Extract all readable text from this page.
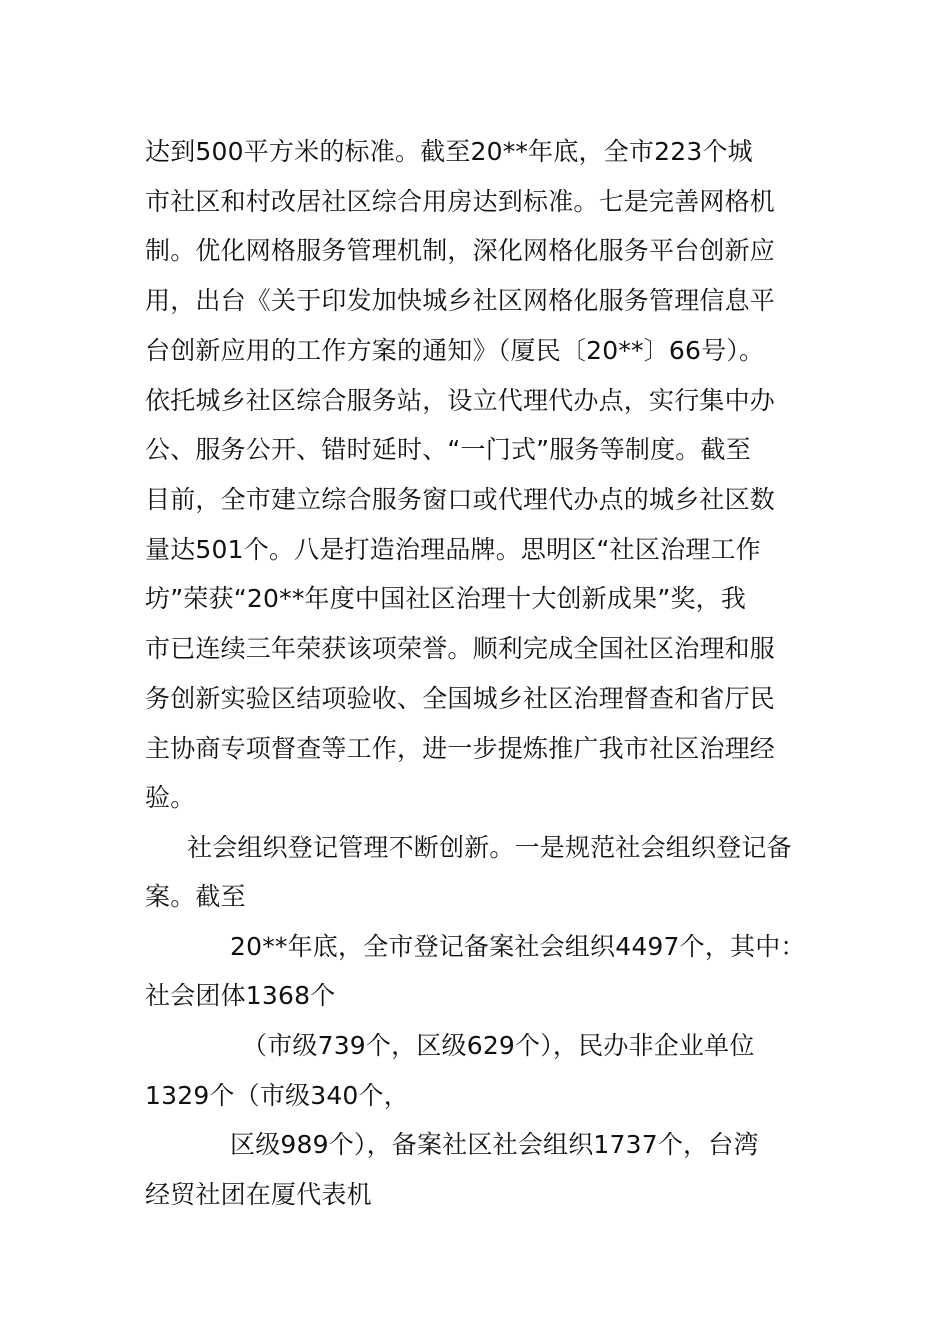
达到500平方米的标准。截至20**年底，全市223个城
市社区和村改居社区综合用房达到标准。七是完善网格机
制。优化网格服务管理机制，深化网格化服务平台创新应
用，出台《关于印发加快城乡社区网格化服务管理信息平
台创新应用的工作方案的通知》（厦民〔20**〕66号）。
依托城乡社区综合服务站，设立代理代办点，实行集中办
公、服务公开、错时延时、“一门式”服务等制度。截至
目前，全市建立综合服务窗口或代理代办点的城乡社区数
量达501个。八是打造治理品牌。思明区“社区治理工作
坊”荣获“20**年度中国社区治理十大创新成果”奖，我
市已连续三年荣获该项荣誉。顺利完成全国社区治理和服
务创新实验区结项验收、全国城乡社区治理督查和省厅民
主协商专项督查等工作，进一步提炼推广我市社区治理经
验。
社会组织登记管理不断创新。一是规范社会组织登记备
案。截至
20**年底，全市登记备案社会组织4497个，其中：
社会团体1368个
（市级739个，区级629个），民办非企业单位
1329个（市级340个，
区级989个），备案社区社会组织1737个，台湾
经贸社团在厦代表机
